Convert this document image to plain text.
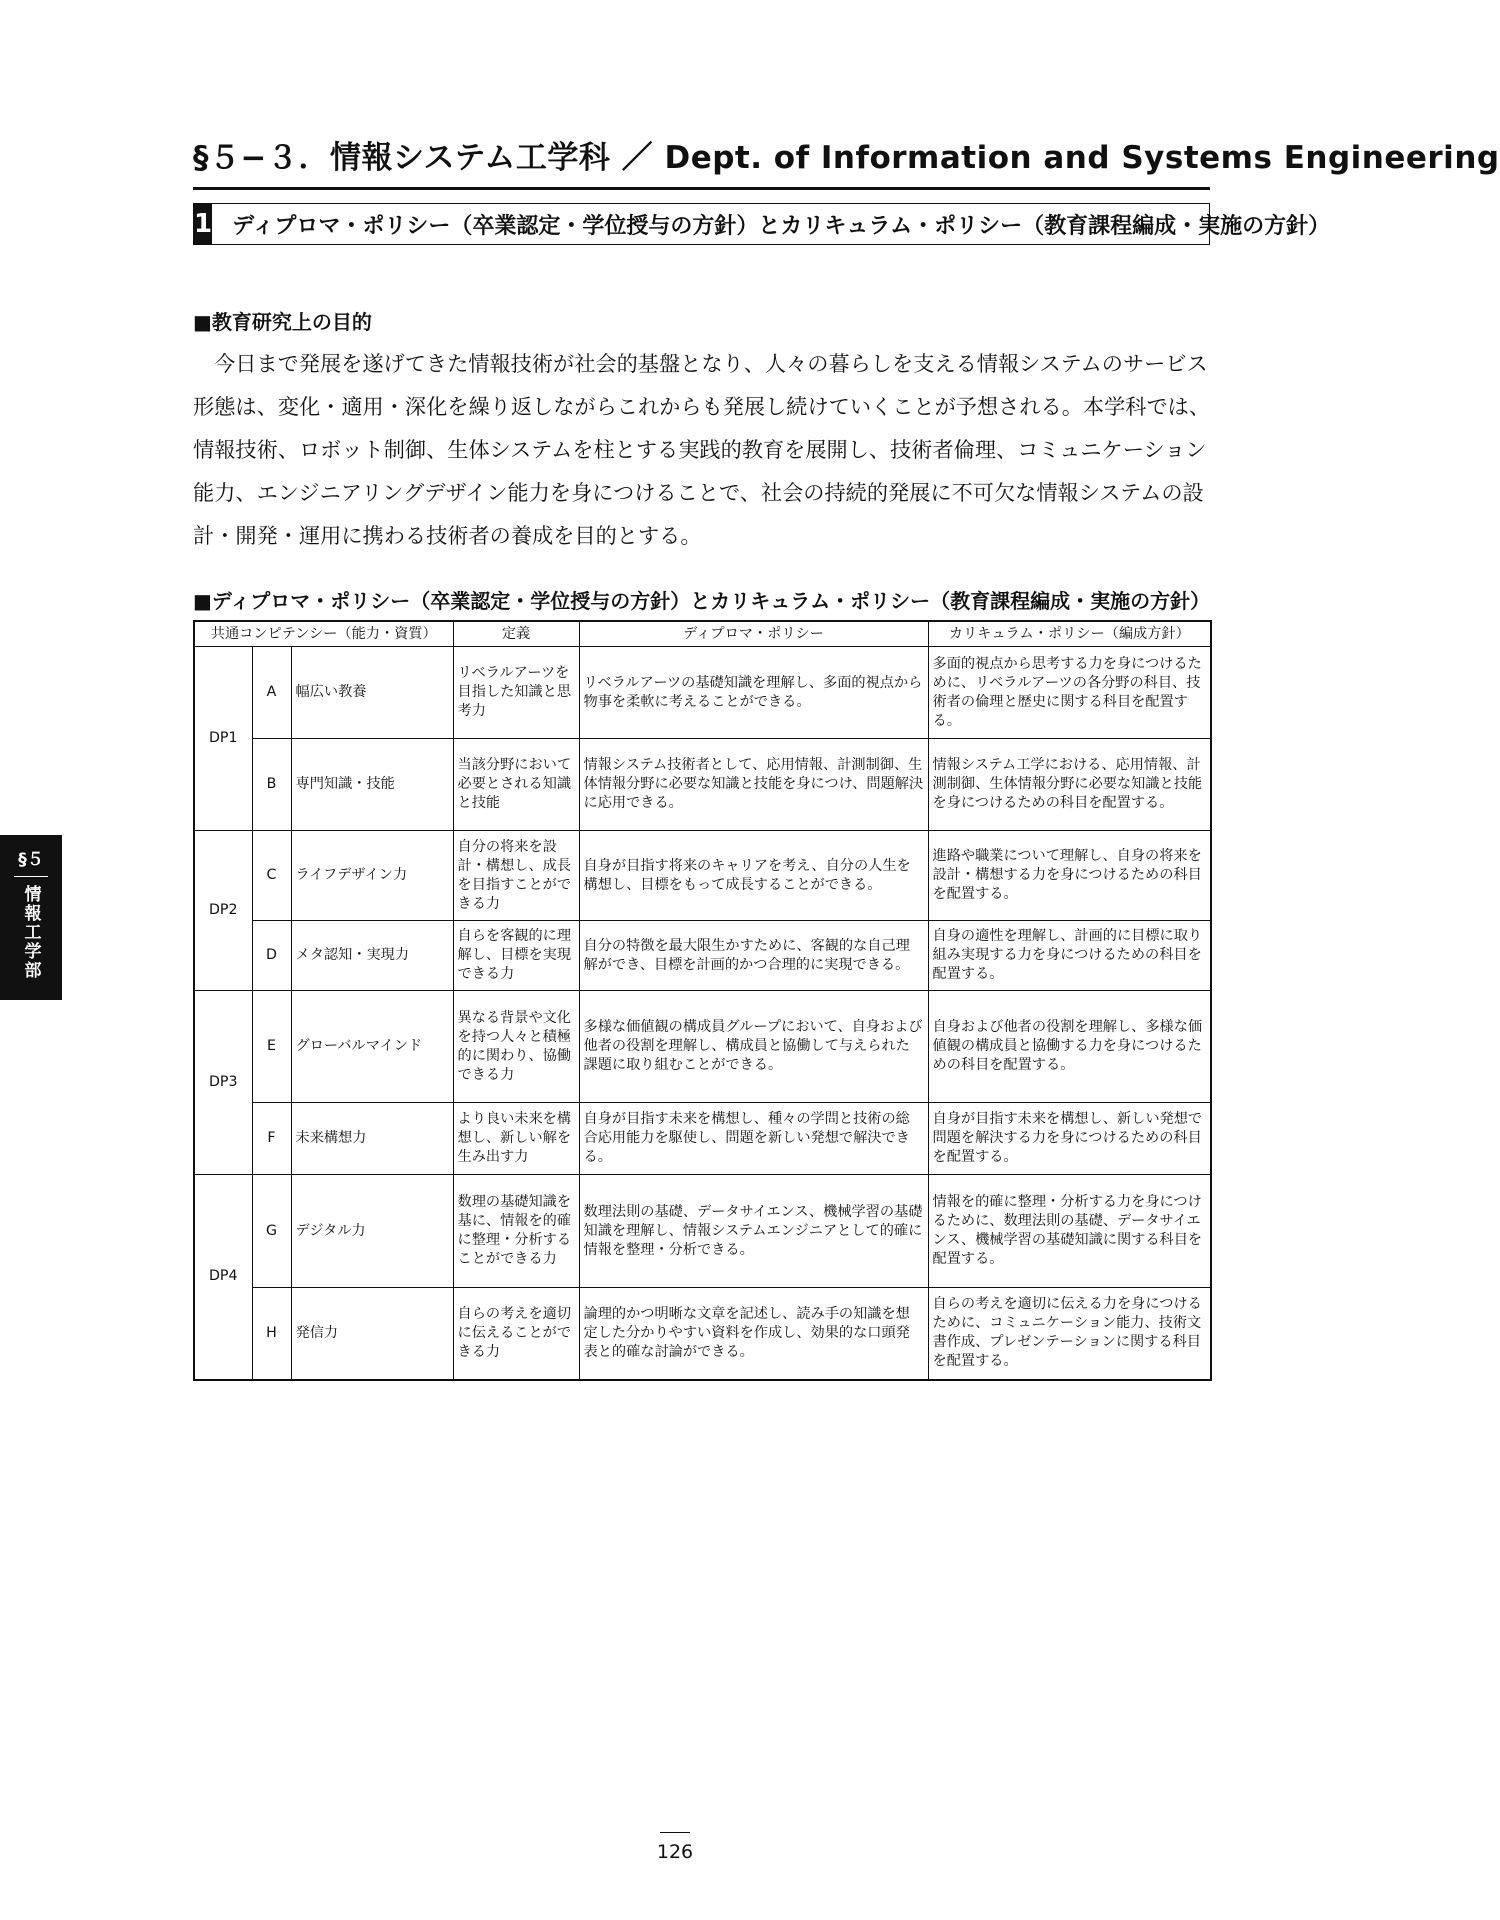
§５−３．情報システム工学科 ／ Dept. of Information and Systems Engineering
1 ディプロマ・ポリシー（卒業認定・学位授与の方針）とカリキュラム・ポリシー（教育課程編成・実施の方針）
■教育研究上の目的

今日まで発展を遂げてきた情報技術が社会的基盤となり、人々の暮らしを支える情報システムのサービス形態は、変化・適用・深化を繰り返しながらこれからも発展し続けていくことが予想される。本学科では、情報技術、ロボット制御、生体システムを柱とする実践的教育を展開し、技術者倫理、コミュニケーション能力、エンジニアリングデザイン能力を身につけることで、社会の持続的発展に不可欠な情報システムの設計・開発・運用に携わる技術者の養成を目的とする。

■ディプロマ・ポリシー（卒業認定・学位授与の方針）とカリキュラム・ポリシー（教育課程編成・実施の方針）
共通コンピテンシー（能力・資質）			定義	ディプロマ・ポリシー	カリキュラム・ポリシー（編成方針）
DP1	A	幅広い教養	リベラルアーツを目指した知識と思考力	リベラルアーツの基礎知識を理解し、多面的視点から物事を柔軟に考えることができる。	多面的視点から思考する力を身につけるために、リベラルアーツの各分野の科目、技術者の倫理と歴史に関する科目を配置する。
	B	専門知識・技能	当該分野において必要とされる知識と技能	情報システム技術者として、応用情報、計測制御、生体情報分野に必要な知識と技能を身につけ、問題解決に応用できる。	情報システム工学における、応用情報、計測制御、生体情報分野に必要な知識と技能を身につけるための科目を配置する。
DP2	C	ライフデザイン力	自分の将来を設計・構想し、成長を目指すことができる力	自身が目指す将来のキャリアを考え、自分の人生を構想し、目標をもって成長することができる。	進路や職業について理解し、自身の将来を設計・構想する力を身につけるための科目を配置する。
	D	メタ認知・実現力	自らを客観的に理解し、目標を実現できる力	自分の特徴を最大限生かすために、客観的な自己理解ができ、目標を計画的かつ合理的に実現できる。	自身の適性を理解し、計画的に目標に取り組み実現する力を身につけるための科目を配置する。
DP3	E	グローバルマインド	異なる背景や文化を持つ人々と積極的に関わり、協働できる力	多様な価値観の構成員グループにおいて、自身および他者の役割を理解し、構成員と協働して与えられた課題に取り組むことができる。	自身および他者の役割を理解し、多様な価値観の構成員と協働する力を身につけるための科目を配置する。
	F	未来構想力	より良い未来を構想し、新しい解を生み出す力	自身が目指す未来を構想し、種々の学問と技術の総合応用能力を駆使し、問題を新しい発想で解決できる。	自身が目指す未来を構想し、新しい発想で問題を解決する力を身につけるための科目を配置する。
DP4	G	デジタル力	数理の基礎知識を基に、情報を的確に整理・分析することができる力	数理法則の基礎、データサイエンス、機械学習の基礎知識を理解し、情報システムエンジニアとして的確に情報を整理・分析できる。	情報を的確に整理・分析する力を身につけるために、数理法則の基礎、データサイエンス、機械学習の基礎知識に関する科目を配置する。
	H	発信力	自らの考えを適切に伝えることができる力	論理的かつ明晰な文章を記述し、読み手の知識を想定した分かりやすい資料を作成し、効果的な口頭発表と的確な討論ができる。	自らの考えを適切に伝える力を身につけるために、コミュニケーション能力、技術文書作成、プレゼンテーションに関する科目を配置する。
§５
情報工学部
126
